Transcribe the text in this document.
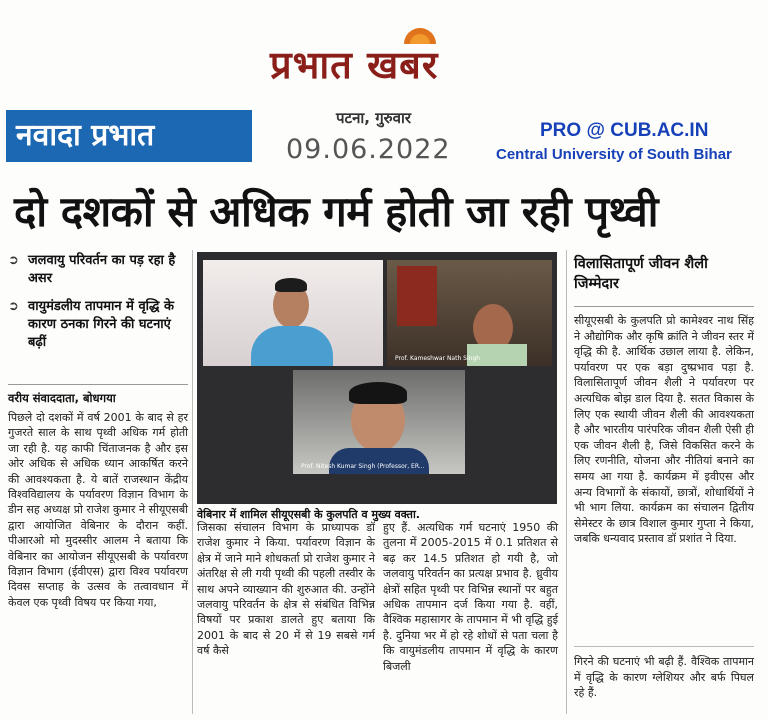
प्रभात खबर
नवादा प्रभात	पटना, गुरुवार
09.06.2022
PRO @ CUB.AC.IN
Central University of South Bihar
दो दशकों से अधिक गर्म होती जा रही पृथ्वी
➲ जलवायु परिवर्तन का पड़ रहा है असर
➲ वायुमंडलीय तापमान में वृद्धि के कारण ठनका गिरने की घटनाएं बढ़ीं
वरीय संवाददाता, बोधगया
पिछले दो दशकों में वर्ष 2001 के बाद से हर गुजरते साल के साथ पृथ्वी अधिक गर्म होती जा रही है. यह काफी चिंताजनक है और इस ओर अधिक से अधिक ध्यान आकर्षित करने की आवश्यकता है. ये बातें राजस्थान केंद्रीय विश्वविद्यालय के पर्यावरण विज्ञान विभाग के डीन सह अध्यक्ष प्रो राजेश कुमार ने सीयूएसबी द्वारा आयोजित वेबिनार के दौरान कहीं. पीआरओ मो मुदस्सीर आलम ने बताया कि वेबिनार का आयोजन सीयूएसबी के पर्यावरण विज्ञान विभाग (ईवीएस) द्वारा विश्व पर्यावरण दिवस सप्ताह के उत्सव के तत्वावधान में केवल एक पृथ्वी विषय पर किया गया,
Prof. Kameshwar Nath Singh
Prof. Nitesh Kumar Singh (Professor, ER...
वेबिनार में शामिल सीयूएसबी के कुलपति व मुख्य वक्ता.
जिसका संचालन विभाग के प्राध्यापक डॉ राजेश कुमार ने किया. पर्यावरण विज्ञान के क्षेत्र में जाने माने शोधकर्ता प्रो राजेश कुमार ने अंतरिक्ष से ली गयी पृथ्वी की पहली तस्वीर के साथ अपने व्याख्यान की शुरुआत की. उन्होंने जलवायु परिवर्तन के क्षेत्र से संबंधित विभिन्न विषयों पर प्रकाश डालते हुए बताया कि 2001 के बाद से 20 में से 19 सबसे गर्म वर्ष कैसे
हुए हैं. अत्यधिक गर्म घटनाएं 1950 की तुलना में 2005-2015 में 0.1 प्रतिशत से बढ़ कर 14.5 प्रतिशत हो गयी है, जो जलवायु परिवर्तन का प्रत्यक्ष प्रभाव है. ध्रुवीय क्षेत्रों सहित पृथ्वी पर विभिन्न स्थानों पर बहुत अधिक तापमान दर्ज किया गया है. वहीं, वैश्विक महासागर के तापमान में भी वृद्धि हुई है. दुनिया भर में हो रहे शोधों से पता चला है कि वायुमंडलीय तापमान में वृद्धि के कारण बिजली
विलासितापूर्ण जीवन शैली जिम्मेदार
सीयूएसबी के कुलपति प्रो कामेश्वर नाथ सिंह ने औद्योगिक और कृषि क्रांति ने जीवन स्तर में वृद्धि की है. आर्थिक उछाल लाया है. लेकिन, पर्यावरण पर एक बड़ा दुष्प्रभाव पड़ा है. विलासितापूर्ण जीवन शैली ने पर्यावरण पर अत्यधिक बोझ डाल दिया है. सतत विकास के लिए एक स्थायी जीवन शैली की आवश्यकता है और भारतीय पारंपरिक जीवन शैली ऐसी ही एक जीवन शैली है, जिसे विकसित करने के लिए रणनीति, योजना और नीतियां बनाने का समय आ गया है. कार्यक्रम में इवीएस और अन्य विभागों के संकायों, छात्रों, शोधार्थियों ने भी भाग लिया. कार्यक्रम का संचालन द्वितीय सेमेस्टर के छात्र विशाल कुमार गुप्ता ने किया, जबकि धन्यवाद प्रस्ताव डॉ प्रशांत ने दिया.
गिरने की घटनाएं भी बढ़ी हैं. वैश्विक तापमान में वृद्धि के कारण ग्लेशियर और बर्फ पिघल रहे हैं.
